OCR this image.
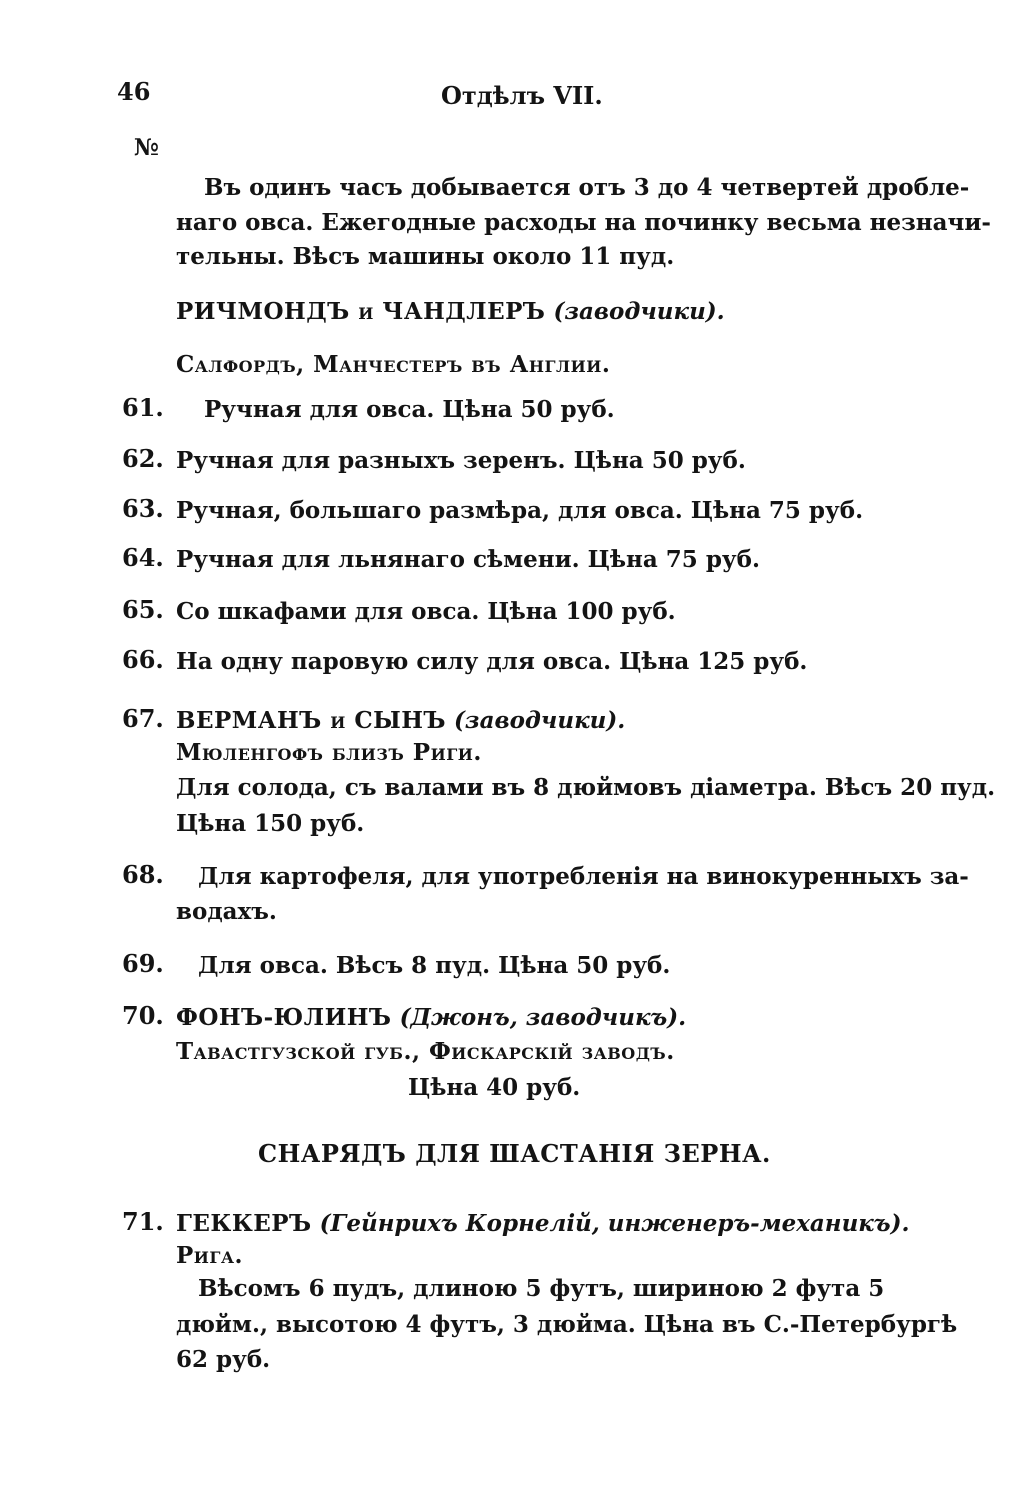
46	Отдѣлъ VII.
№
Въ одинъ часъ добывается отъ 3 до 4 четвертей дробле-
наго овса. Ежегодные расходы на починку весьма незначи-
тельны. Вѣсъ машины около 11 пуд.
РИЧМОНДЪ и ЧАНДЛЕРЪ (заводчики).
Салфордъ, Манчестеръ въ Англии.
61. Ручная для овса. Цѣна 50 руб.
62. Ручная для разныхъ зеренъ. Цѣна 50 руб.
63. Ручная, большаго размѣра, для овса. Цѣна 75 руб.
64. Ручная для льнянаго сѣмени. Цѣна 75 руб.
65. Со шкафами для овса. Цѣна 100 руб.
66. На одну паровую силу для овса. Цѣна 125 руб.
67. ВЕРМАНЪ и СЫНЪ (заводчики).
Мюленгофъ близъ Риги.
Для солода, съ валами въ 8 дюймовъ діаметра. Вѣсъ 20 пуд.
Цѣна 150 руб.
68. Для картофеля, для употребленія на винокуренныхъ за-
водахъ.
69. Для овса. Вѣсъ 8 пуд. Цѣна 50 руб.
70. ФОНЪ-ЮЛИНЪ (Джонъ, заводчикъ).
Тавастгузской губ., Фискарскій заводъ.
Цѣна 40 руб.
СНАРЯДЪ ДЛЯ ШАСТАНІЯ ЗЕРНА.
71. ГЕККЕРЪ (Гейнрихъ Корнелій, инженеръ-механикъ).
Рига.
Вѣсомъ 6 пудъ, длиною 5 футъ, шириною 2 фута 5
дюйм., высотою 4 футъ, 3 дюйма. Цѣна въ С.-Петербургѣ
62 руб.
